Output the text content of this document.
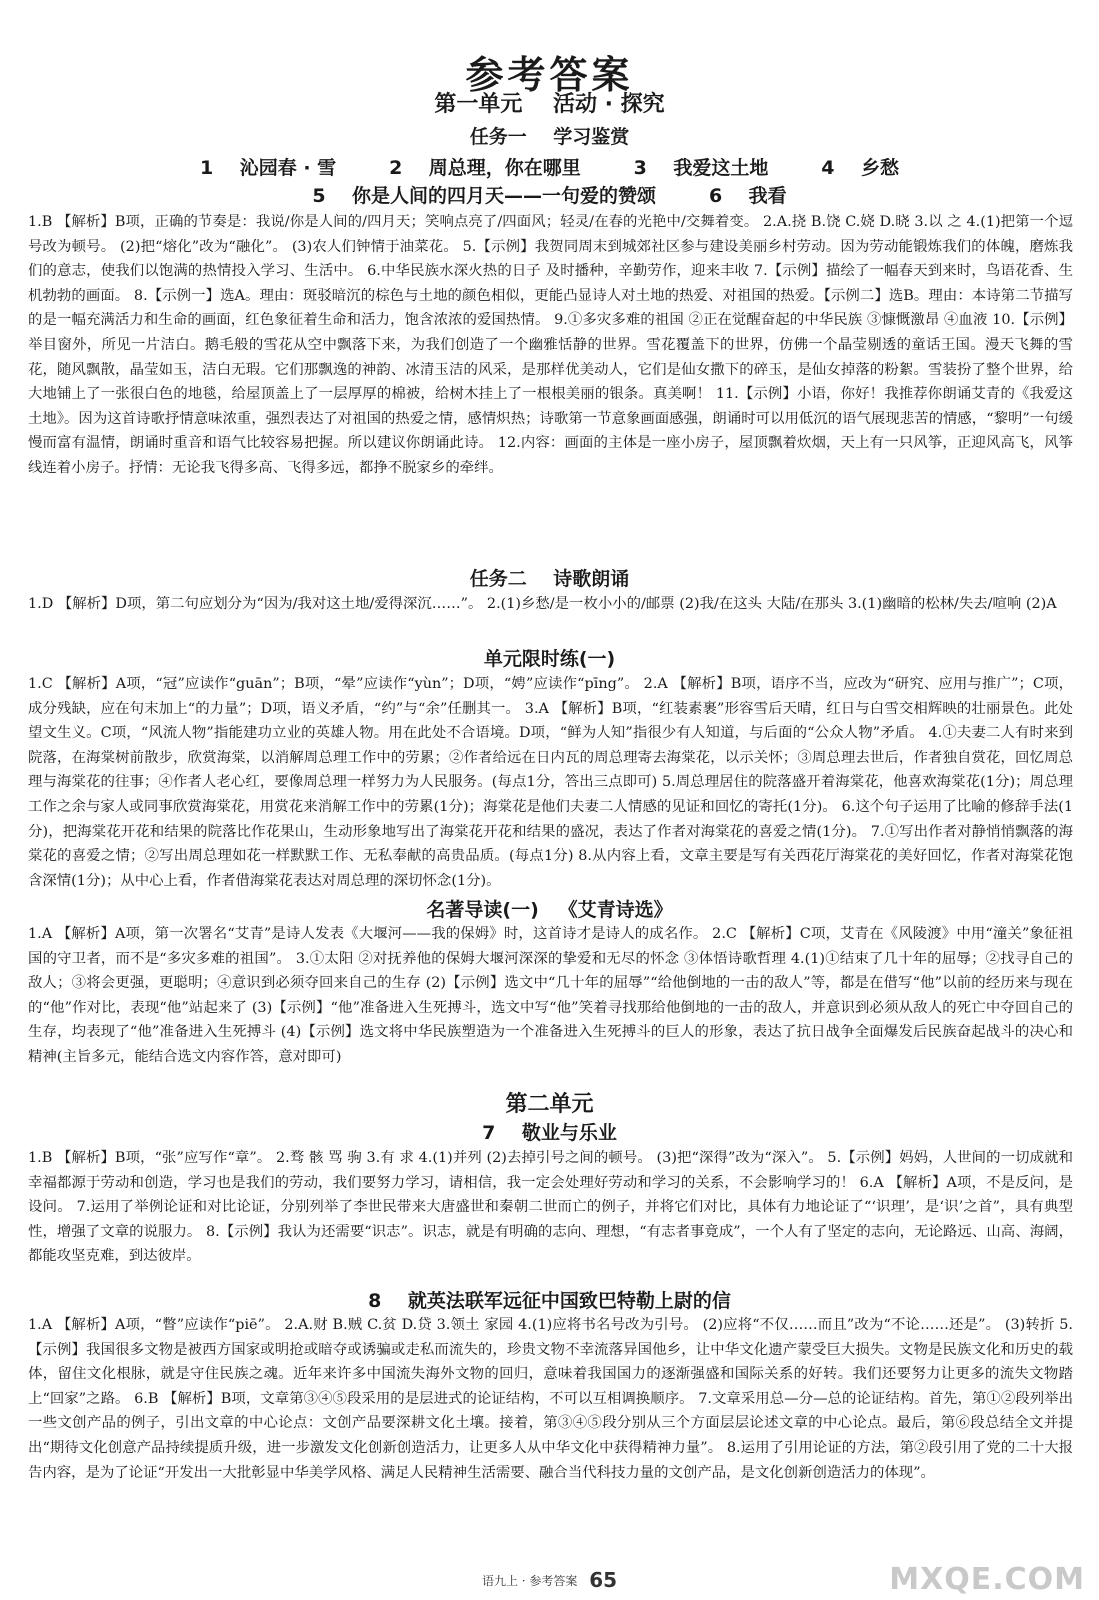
参考答案
第一单元    活动 · 探究
任务一    学习鉴赏
1    沁园春 · 雪        2    周总理，你在哪里        3    我爱这土地        4    乡愁
5    你是人间的四月天——一句爱的赞颂        6    我看

1.B 【解析】B项，正确的节奏是：我说/你是人间的/四月天；笑响点亮了/四面风；轻灵/在春的光艳中/交舞着变。 2.A.挠 B.饶 C.娆 D.晓 3.以 之 4.(1)把第一个逗号改为顿号。 (2)把“熔化”改为“融化”。 (3)农人们钟情于油菜花。 5.【示例】我贺同周末到城郊社区参与建设美丽乡村劳动。因为劳动能锻炼我们的体魄，磨炼我们的意志，使我们以饱满的热情投入学习、生活中。 6.中华民族水深火热的日子 及时播种，辛勤劳作，迎来丰收 7.【示例】描绘了一幅春天到来时，鸟语花香、生机勃勃的画面。 8.【示例一】选A。理由：斑驳暗沉的棕色与土地的颜色相似，更能凸显诗人对土地的热爱、对祖国的热爱。【示例二】选B。理由：本诗第二节描写的是一幅充满活力和生命的画面，红色象征着生命和活力，饱含浓浓的爱国热情。 9.①多灾多难的祖国 ②正在觉醒奋起的中华民族 ③慷慨激昂 ④血液 10.【示例】举目窗外，所见一片洁白。鹅毛般的雪花从空中飘落下来，为我们创造了一个幽雅恬静的世界。雪花覆盖下的世界，仿佛一个晶莹剔透的童话王国。漫天飞舞的雪花，随风飘散，晶莹如玉，洁白无瑕。它们那飘逸的神韵、冰清玉洁的风采，是那样优美动人，它们是仙女撒下的碎玉，是仙女掉落的粉絮。雪装扮了整个世界，给大地铺上了一张很白色的地毯，给屋顶盖上了一层厚厚的棉被，给树木挂上了一根根美丽的银条。真美啊！ 11.【示例】小语，你好！我推荐你朗诵艾青的《我爱这土地》。因为这首诗歌抒情意味浓重，强烈表达了对祖国的热爱之情，感情炽热；诗歌第一节意象画面感强，朗诵时可以用低沉的语气展现悲苦的情感，“黎明”一句缓慢而富有温情，朗诵时重音和语气比较容易把握。所以建议你朗诵此诗。 12.内容：画面的主体是一座小房子，屋顶飘着炊烟，天上有一只风筝，正迎风高飞，风筝线连着小房子。抒情：无论我飞得多高、飞得多远，都挣不脱家乡的牵绊。

任务二    诗歌朗诵

1.D 【解析】D项，第二句应划分为“因为/我对这土地/爱得深沉……”。 2.(1)乡愁/是一枚小小的/邮票 (2)我/在这头 大陆/在那头 3.(1)幽暗的松林/失去/喧响 (2)A

单元限时练(一)

1.C 【解析】A项，“冠”应读作“guān”；B项，“晕”应读作“yùn”；D项，“娉”应读作“pīng”。 2.A 【解析】B项，语序不当，应改为“研究、应用与推广”；C项，成分残缺，应在句末加上“的力量”；D项，语义矛盾，“约”与“余”任删其一。 3.A 【解析】B项，“红装素裹”形容雪后天晴，红日与白雪交相辉映的壮丽景色。此处望文生义。C项，“风流人物”指能建功立业的英雄人物。用在此处不合语境。D项，“鲜为人知”指很少有人知道，与后面的“公众人物”矛盾。 4.①夫妻二人有时来到院落，在海棠树前散步，欣赏海棠，以消解周总理工作中的劳累；②作者给远在日内瓦的周总理寄去海棠花，以示关怀；③周总理去世后，作者独自赏花，回忆周总理与海棠花的往事；④作者人老心红，要像周总理一样努力为人民服务。(每点1分，答出三点即可) 5.周总理居住的院落盛开着海棠花，他喜欢海棠花(1分)；周总理工作之余与家人或同事欣赏海棠花，用赏花来消解工作中的劳累(1分)；海棠花是他们夫妻二人情感的见证和回忆的寄托(1分)。 6.这个句子运用了比喻的修辞手法(1分)，把海棠花开花和结果的院落比作花果山，生动形象地写出了海棠花开花和结果的盛况，表达了作者对海棠花的喜爱之情(1分)。 7.①写出作者对静悄悄飘落的海棠花的喜爱之情；②写出周总理如花一样默默工作、无私奉献的高贵品质。(每点1分) 8.从内容上看，文章主要是写有关西花厅海棠花的美好回忆，作者对海棠花饱含深情(1分)；从中心上看，作者借海棠花表达对周总理的深切怀念(1分)。

名著导读(一)   《艾青诗选》

1.A 【解析】A项，第一次署名“艾青”是诗人发表《大堰河——我的保姆》时，这首诗才是诗人的成名作。 2.C 【解析】C项，艾青在《风陵渡》中用“潼关”象征祖国的守卫者，而不是“多灾多难的祖国”。 3.①太阳 ②对抚养他的保姆大堰河深深的挚爱和无尽的怀念 ③体悟诗歌哲理 4.(1)①结束了几十年的屈辱；②找寻自己的敌人；③将会更强，更聪明；④意识到必须夺回来自己的生存 (2)【示例】选文中“几十年的屈辱”“给他倒地的一击的敌人”等，都是在借写“他”以前的经历来与现在的“他”作对比，表现“他”站起来了 (3)【示例】“他”准备进入生死搏斗，选文中写“他”笑着寻找那给他倒地的一击的敌人，并意识到必须从敌人的死亡中夺回自己的生存，均表现了“他”准备进入生死搏斗 (4)【示例】选文将中华民族塑造为一个准备进入生死搏斗的巨人的形象，表达了抗日战争全面爆发后民族奋起战斗的决心和精神(主旨多元，能结合选文内容作答，意对即可)

第二单元
7    敬业与乐业

1.B 【解析】B项，“张”应写作“章”。 2.骛 骸 骂 驹 3.有 求 4.(1)并列 (2)去掉引号之间的顿号。 (3)把“深得”改为“深入”。 5.【示例】妈妈，人世间的一切成就和幸福都源于劳动和创造，学习也是我们的劳动，我们要努力学习，请相信，我一定会处理好劳动和学习的关系，不会影响学习的！ 6.A 【解析】A项，不是反问，是设问。 7.运用了举例论证和对比论证，分别列举了李世民带来大唐盛世和秦朝二世而亡的例子，并将它们对比，具体有力地论证了“‘识理’，是‘识’之首”，具有典型性，增强了文章的说服力。 8.【示例】我认为还需要“识志”。识志，就是有明确的志向、理想，“有志者事竟成”，一个人有了坚定的志向，无论路远、山高、海阔，都能攻坚克难，到达彼岸。

8    就英法联军远征中国致巴特勒上尉的信

1.A 【解析】A项，“瞥”应读作“piē”。 2.A.财 B.贼 C.贫 D.贷 3.领土 家园 4.(1)应将书名号改为引号。 (2)应将“不仅……而且”改为“不论……还是”。 (3)转折 5.【示例】我国很多文物是被西方国家或明抢或暗夺或诱骗或走私而流失的，珍贵文物不幸流落异国他乡，让中华文化遗产蒙受巨大损失。文物是民族文化和历史的载体，留住文化根脉，就是守住民族之魂。近年来许多中国流失海外文物的回归，意味着我国国力的逐渐强盛和国际关系的好转。我们还要努力让更多的流失文物踏上“回家”之路。 6.B 【解析】B项，文章第③④⑤段采用的是层进式的论证结构，不可以互相调换顺序。 7.文章采用总—分—总的论证结构。首先，第①②段列举出一些文创产品的例子，引出文章的中心论点：文创产品要深耕文化土壤。接着，第③④⑤段分别从三个方面层层论述文章的中心论点。最后，第⑥段总结全文并提出“期待文化创意产品持续提质升级，进一步激发文化创新创造活力，让更多人从中华文化中获得精神力量”。 8.运用了引用论证的方法，第②段引用了党的二十大报告内容，是为了论证“开发出一大批彰显中华美学风格、满足人民精神生活需要、融合当代科技力量的文创产品，是文化创新创造活力的体现”。

语九上 · 参考答案 65	MXQE.COM
